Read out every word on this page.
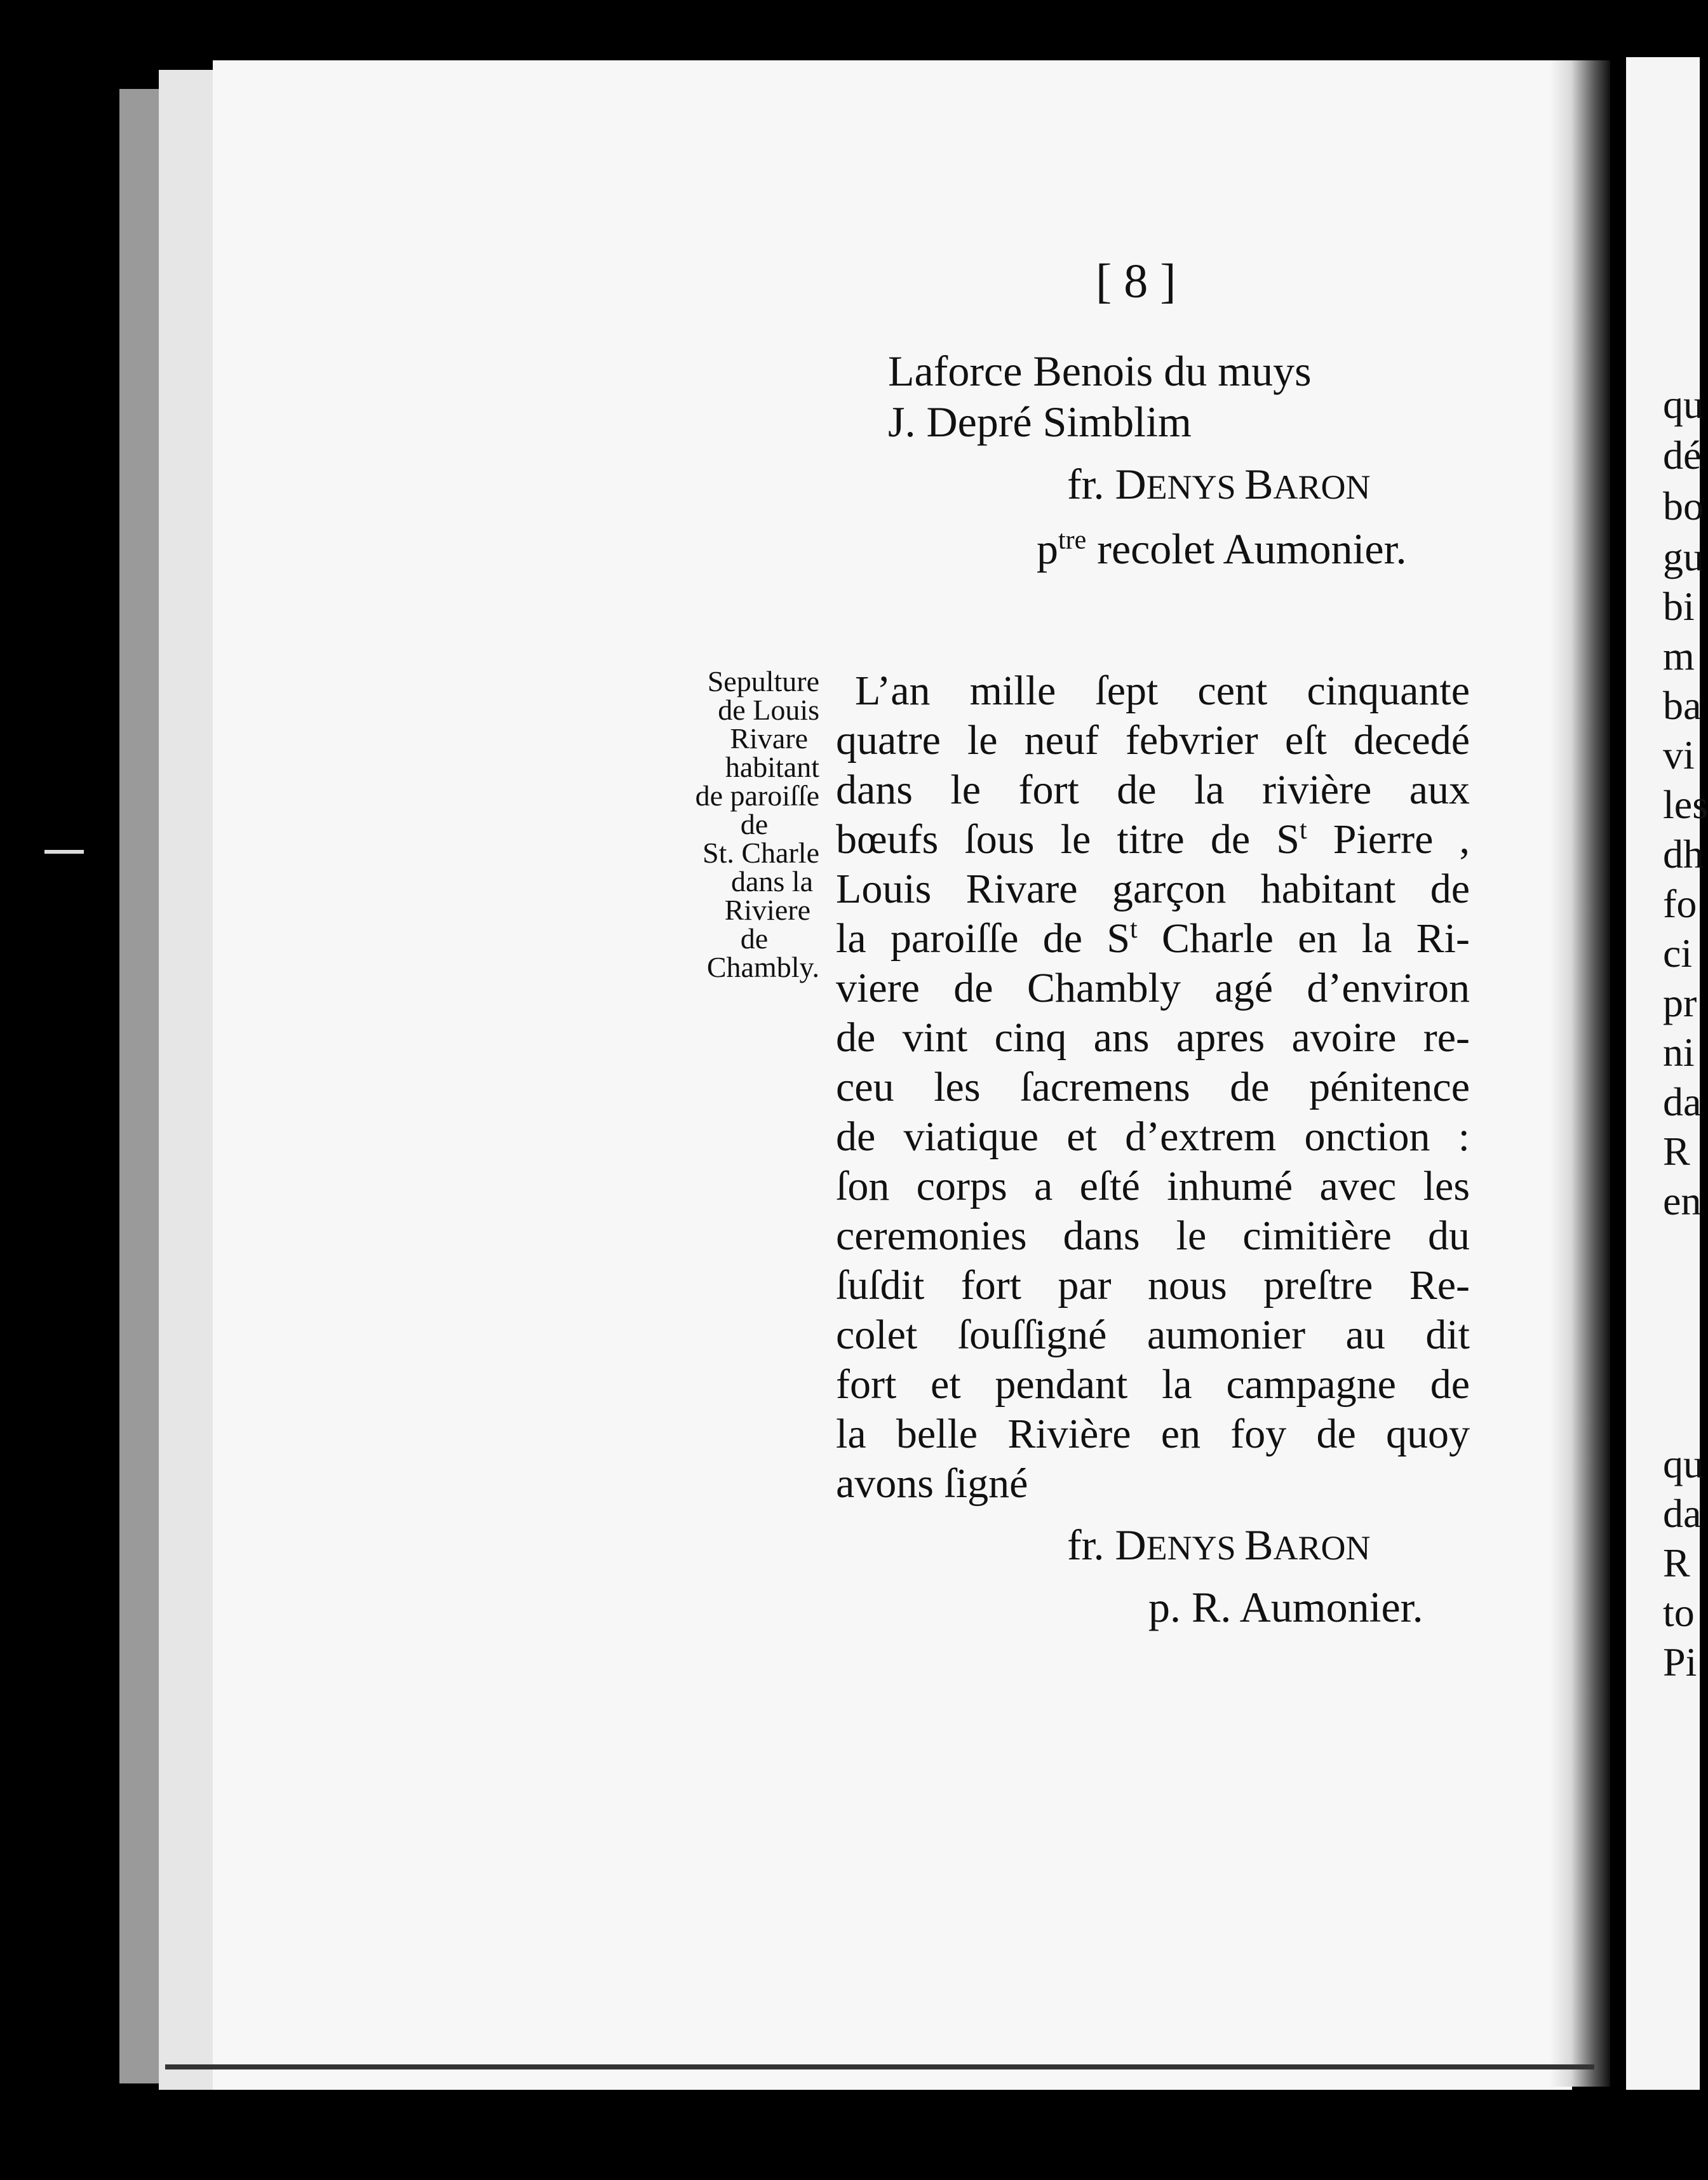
[ 8 ]
Laforce Benois du muys
J. Depré Simblim
fr. DENYS BARON
$p^{tre}$ recolet Aumonier.
Sepulture
de Louis
Rivare
habitant
de paroiſſe
de
St. Charle
dans la
Riviere
de
Chambly.
L’an mille ſept cent cinquante
quatre le neuf febvrier eſt decedé
dans le fort de la rivière aux
bœufs ſous le titre de $S^t$ Pierre ,
Louis Rivare garçon habitant de
la paroiſſe de $S^t$ Charle en la Ri-
viere de Chambly agé d’environ
de vint cinq ans apres avoire re-
ceu les ſacremens de pénitence
de viatique et d’extrem onction :
ſon corps a eſté inhumé avec les
ceremonies dans le cimitière du
ſuſdit fort par nous preſtre Re-
colet ſouſſigné aumonier au dit
fort et pendant la campagne de
la belle Rivière en foy de quoy
avons ſigné
fr. DENYS BARON
p. R. Aumonier.
qu
dé
bo
gu
bi
m
ba
vi
les
dh
fo
ci
pr
ni
da
R
en
qu
da
R
to
Pi
